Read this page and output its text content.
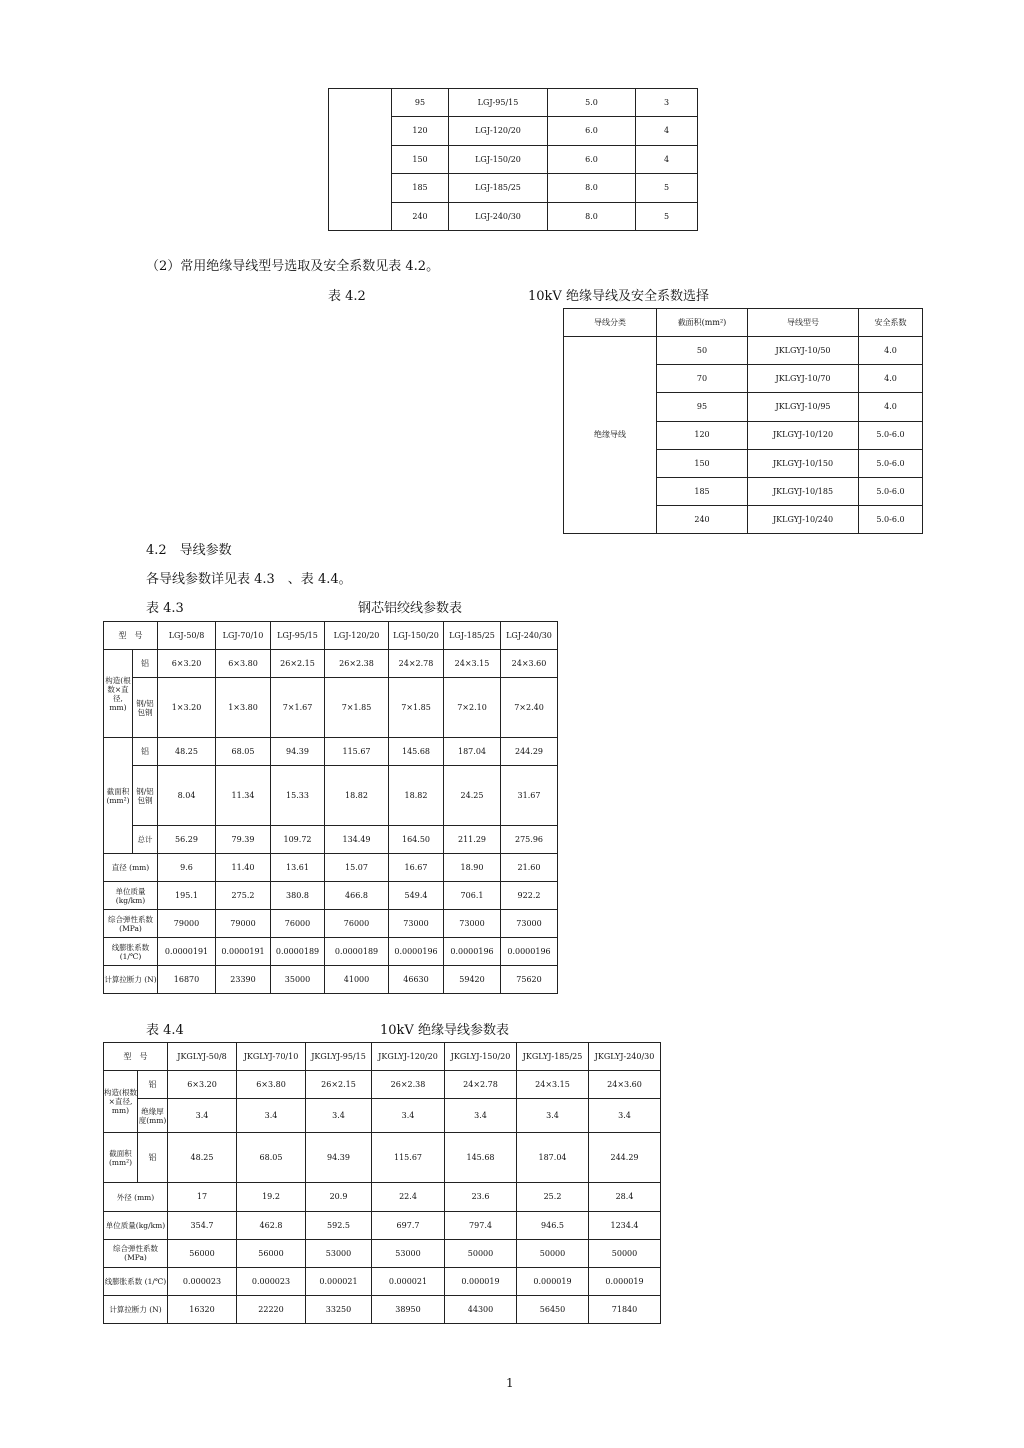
	95	LGJ-95/15	5.0	3
	120	LGJ-120/20	6.0	4
	150	LGJ-150/20	6.0	4
	185	LGJ-185/25	8.0	5
	240	LGJ-240/30	8.0	5
（2）常用绝缘导线型号选取及安全系数见表 4.2。
表 4.2	10kV 绝缘导线及安全系数选择
导线分类	截面积(mm²)	导线型号	安全系数
绝缘导线	50	JKLGYJ-10/50	4.0
	70	JKLGYJ-10/70	4.0
	95	JKLGYJ-10/95	4.0
	120	JKLGYJ-10/120	5.0-6.0
	150	JKLGYJ-10/150	5.0-6.0
	185	JKLGYJ-10/185	5.0-6.0
	240	JKLGYJ-10/240	5.0-6.0
4.2　导线参数
各导线参数详见表 4.3　、表 4.4。
表 4.3	钢芯铝绞线参数表
型　号		LGJ-50/8	LGJ-70/10	LGJ-95/15	LGJ-120/20	LGJ-150/20	LGJ-185/25	LGJ-240/30
构造(根数×直径, mm)	铝	6×3.20	6×3.80	26×2.15	26×2.38	24×2.78	24×3.15	24×3.60
	钢/铝包钢	1×3.20	1×3.80	7×1.67	7×1.85	7×1.85	7×2.10	7×2.40
截面积(mm²)	铝	48.25	68.05	94.39	115.67	145.68	187.04	244.29
	钢/铝包钢	8.04	11.34	15.33	18.82	18.82	24.25	31.67
	总计	56.29	79.39	109.72	134.49	164.50	211.29	275.96
直径 (mm)		9.6	11.40	13.61	15.07	16.67	18.90	21.60
单位质量(kg/km)		195.1	275.2	380.8	466.8	549.4	706.1	922.2
综合弹性系数 (MPa)		79000	79000	76000	76000	73000	73000	73000
线膨胀系数 (1/℃)		0.0000191	0.0000191	0.0000189	0.0000189	0.0000196	0.0000196	0.0000196
计算拉断力 (N)		16870	23390	35000	41000	46630	59420	75620
表 4.4	10kV 绝缘导线参数表
型　号		JKGLYJ-50/8	JKGLYJ-70/10	JKGLYJ-95/15	JKGLYJ-120/20	JKGLYJ-150/20	JKGLYJ-185/25	JKGLYJ-240/30
构造(根数×直径, mm)	铝	6×3.20	6×3.80	26×2.15	26×2.38	24×2.78	24×3.15	24×3.60
	绝缘厚度(mm)	3.4	3.4	3.4	3.4	3.4	3.4	3.4
截面积(mm²)	铝	48.25	68.05	94.39	115.67	145.68	187.04	244.29
外径 (mm)		17	19.2	20.9	22.4	23.6	25.2	28.4
单位质量(kg/km)		354.7	462.8	592.5	697.7	797.4	946.5	1234.4
综合弹性系数 (MPa)		56000	56000	53000	53000	50000	50000	50000
线膨胀系数 (1/℃)		0.000023	0.000023	0.000021	0.000021	0.000019	0.000019	0.000019
计算拉断力 (N)		16320	22220	33250	38950	44300	56450	71840
1
